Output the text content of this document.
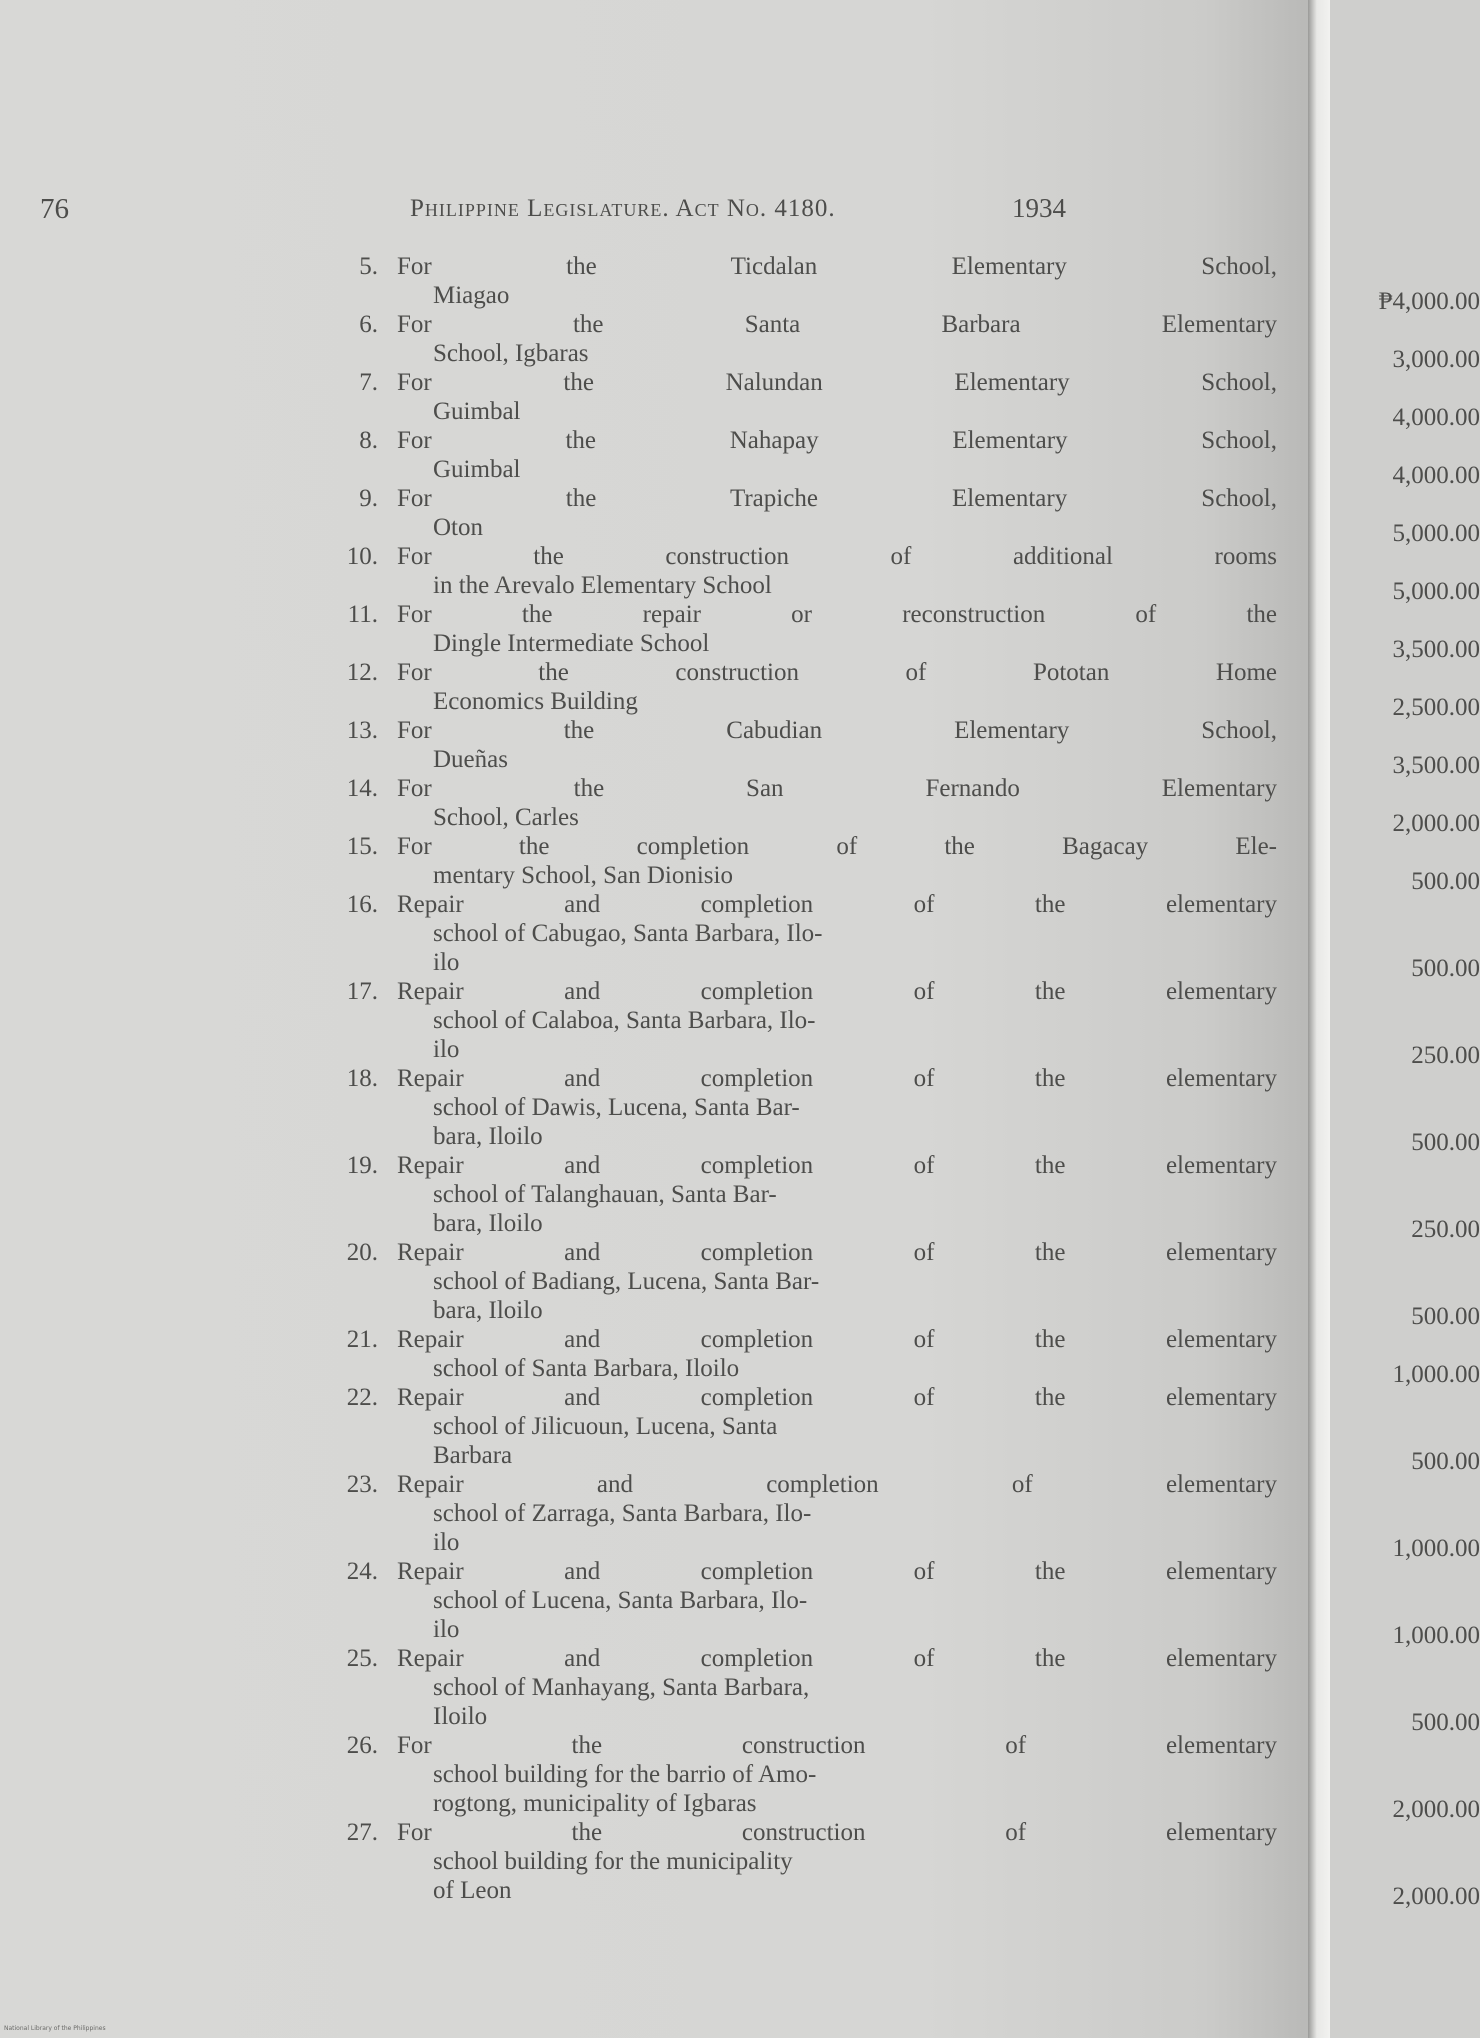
76	Philippine Legislature. Act No. 4180.	1934
5. For the Ticdalan Elementary School,
Miagao	₱4,000.00
6. For the Santa Barbara Elementary
School, Igbaras	3,000.00
7. For the Nalundan Elementary School,
Guimbal	4,000.00
8. For the Nahapay Elementary School,
Guimbal	4,000.00
9. For the Trapiche Elementary School,
Oton	5,000.00
10. For the construction of additional rooms
in the Arevalo Elementary School	5,000.00
11. For the repair or reconstruction of the
Dingle Intermediate School	3,500.00
12. For the construction of Pototan Home
Economics Building	2,500.00
13. For the Cabudian Elementary School,
Dueñas	3,500.00
14. For the San Fernando Elementary
School, Carles	2,000.00
15. For the completion of the Bagacay Ele-
mentary School, San Dionisio	500.00
16. Repair and completion of the elementary
school of Cabugao, Santa Barbara, Ilo-
ilo	500.00
17. Repair and completion of the elementary
school of Calaboa, Santa Barbara, Ilo-
ilo	250.00
18. Repair and completion of the elementary
school of Dawis, Lucena, Santa Bar-
bara, Iloilo	500.00
19. Repair and completion of the elementary
school of Talanghauan, Santa Bar-
bara, Iloilo	250.00
20. Repair and completion of the elementary
school of Badiang, Lucena, Santa Bar-
bara, Iloilo	500.00
21. Repair and completion of the elementary
school of Santa Barbara, Iloilo	1,000.00
22. Repair and completion of the elementary
school of Jilicuoun, Lucena, Santa
Barbara	500.00
23. Repair and completion of elementary
school of Zarraga, Santa Barbara, Ilo-
ilo	1,000.00
24. Repair and completion of the elementary
school of Lucena, Santa Barbara, Ilo-
ilo	1,000.00
25. Repair and completion of the elementary
school of Manhayang, Santa Barbara,
Iloilo	500.00
26. For the construction of elementary
school building for the barrio of Amo-
rogtong, municipality of Igbaras	2,000.00
27. For the construction of elementary
school building for the municipality
of Leon	2,000.00
National Library of the Philippines
